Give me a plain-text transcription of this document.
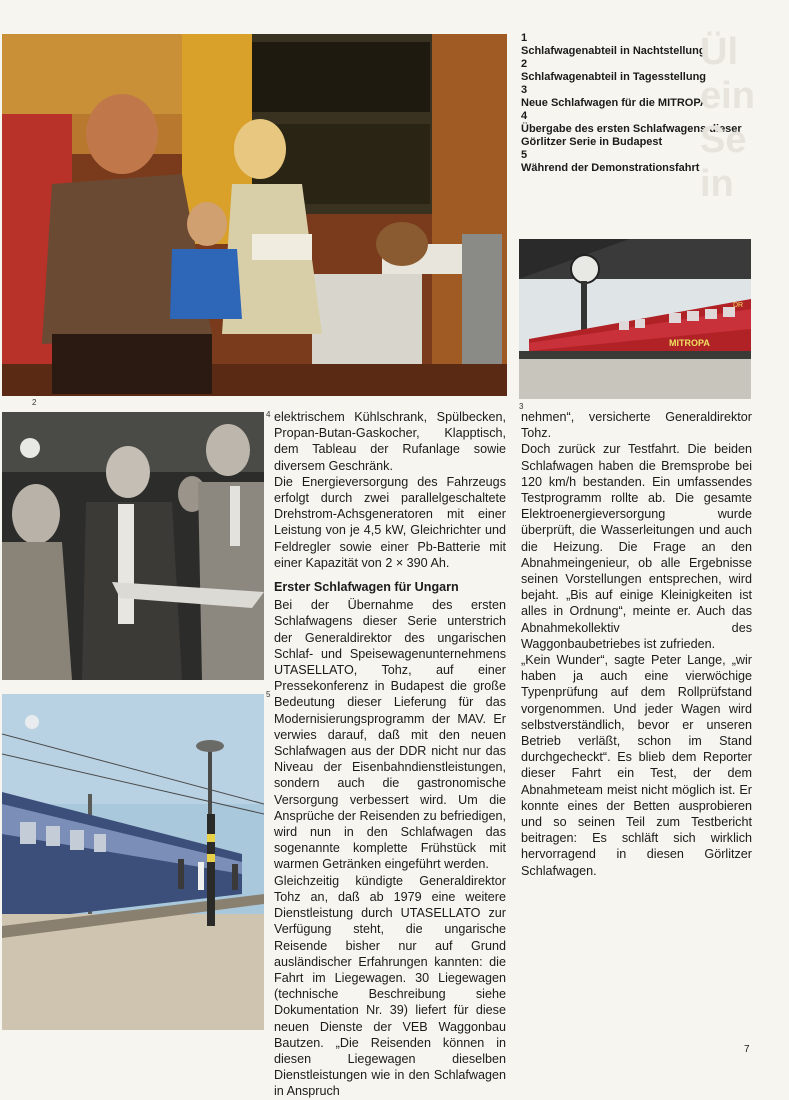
2
1
Schlafwagenabteil in Nachtstellung
2
Schlafwagenabteil in Tagesstellung
3
Neue Schlafwagen für die MITROPA
4
Übergabe des ersten Schlafwagens dieser
Görlitzer Serie in Budapest
5
Während der Demonstrationsfahrt
Ül
ein
Se
in
MITROPA
DR
3
4
5

elektrischem Kühlschrank, Spülbecken, Propan-Butan-Gaskocher, Klapptisch, dem Tableau der Rufanlage sowie diversem Geschränk.

Die Energieversorgung des Fahrzeugs erfolgt durch zwei parallelgeschaltete Drehstrom-Achsgeneratoren mit einer Leistung von je 4,5 kW, Gleichrichter und Feldregler sowie einer Pb-Batterie mit einer Kapazität von 2 × 390 Ah.

Erster Schlafwagen für Ungarn

Bei der Übernahme des ersten Schlafwagens dieser Serie unterstrich der Generaldirektor des ungarischen Schlaf- und Speisewagenunternehmens UTASELLATO, Tohz, auf einer Pressekonferenz in Budapest die große Bedeutung dieser Lieferung für das Modernisierungsprogramm der MAV. Er verwies darauf, daß mit den neuen Schlafwagen aus der DDR nicht nur das Niveau der Eisenbahndienstleistungen, sondern auch die gastronomische Versorgung verbessert wird. Um die Ansprüche der Reisenden zu befriedigen, wird nun in den Schlafwagen das sogenannte komplette Frühstück mit warmen Getränken eingeführt werden.

Gleichzeitig kündigte Generaldirektor Tohz an, daß ab 1979 eine weitere Dienstleistung durch UTASELLATO zur Verfügung steht, die ungarische Reisende bisher nur auf Grund ausländischer Erfahrungen kannten: die Fahrt im Liegewagen. 30 Liegewagen (technische Beschreibung siehe Dokumentation Nr. 39) liefert für diese neuen Dienste der VEB Waggonbau Bautzen. „Die Reisenden können in diesen Liegewagen dieselben Dienstleistungen wie in den Schlafwagen in Anspruch

nehmen“, versicherte Generaldirektor Tohz.

Doch zurück zur Testfahrt. Die beiden Schlafwagen haben die Bremsprobe bei 120 km/h bestanden. Ein umfassendes Testprogramm rollte ab. Die gesamte Elektroenergieversorgung wurde überprüft, die Wasserleitungen und auch die Heizung. Die Frage an den Abnahmeingenieur, ob alle Ergebnisse seinen Vorstellungen entsprechen, wird bejaht. „Bis auf einige Kleinigkeiten ist alles in Ordnung“, meinte er. Auch das Abnahmekollektiv des Waggonbaubetriebes ist zufrieden.

„Kein Wunder“, sagte Peter Lange, „wir haben ja auch eine vierwöchige Typenprüfung auf dem Rollprüfstand vorgenommen. Und jeder Wagen wird selbstverständlich, bevor er unseren Betrieb verläßt, schon im Stand durchgecheckt“. Es blieb dem Reporter dieser Fahrt ein Test, der dem Abnahmeteam meist nicht möglich ist. Er konnte eines der Betten ausprobieren und so seinen Teil zum Testbericht beitragen: Es schläft sich wirklich hervorragend in diesen Görlitzer Schlafwagen.

7
